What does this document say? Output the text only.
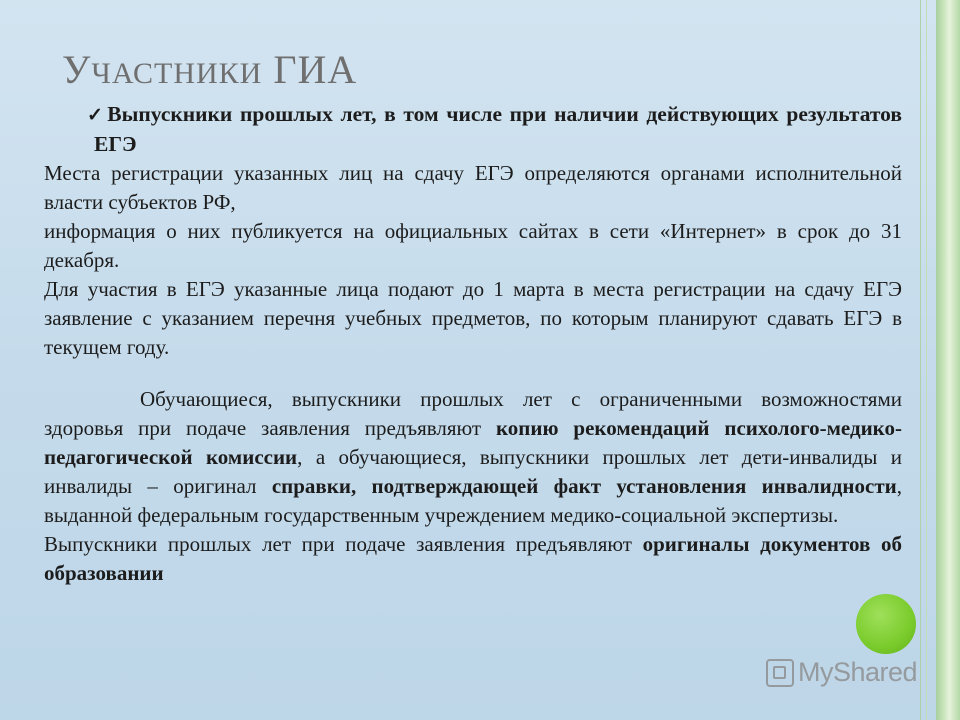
УЧАСТНИКИ ГИА

✓Выпускники прошлых лет, в том числе при наличии действующих результатов ЕГЭ

Места регистрации указанных лиц на сдачу ЕГЭ определяются органами исполнительной власти субъектов РФ,

информация о них публикуется на официальных сайтах в сети «Интернет» в срок до 31 декабря.

Для участия в ЕГЭ указанные лица подают до 1 марта в места регистрации на сдачу ЕГЭ заявление с указанием перечня учебных предметов, по которым планируют сдавать ЕГЭ в текущем году.

Обучающиеся, выпускники прошлых лет с ограниченными возможностями здоровья при подаче заявления предъявляют копию рекомендаций психолого-медико-педагогической комиссии, а обучающиеся, выпускники прошлых лет дети-инвалиды и инвалиды – оригинал справки, подтверждающей факт установления инвалидности, выданной федеральным государственным учреждением медико-социальной экспертизы.

Выпускники прошлых лет при подаче заявления предъявляют оригиналы документов об образовании

MyShared
